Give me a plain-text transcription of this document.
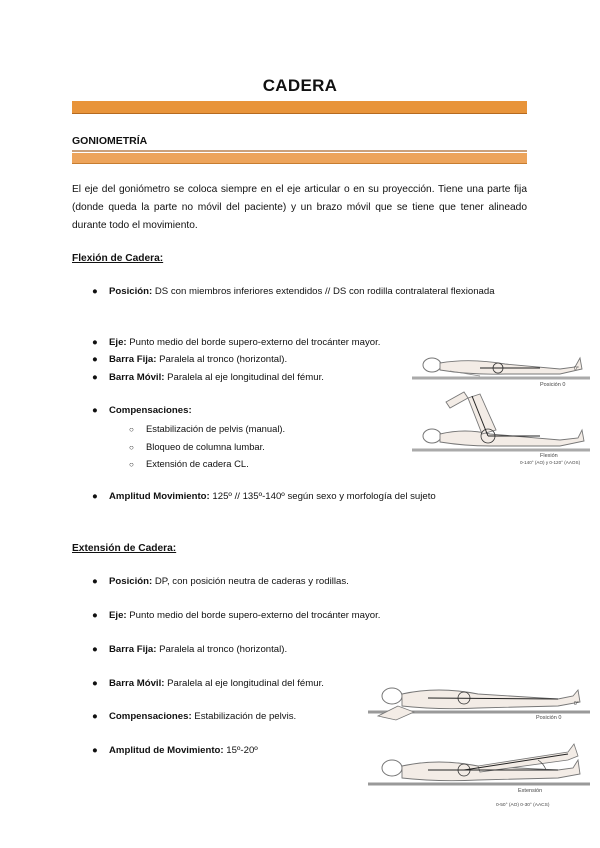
CADERA
GONIOMETRÍA
El eje del goniómetro se coloca siempre en el eje articular o en su proyección. Tiene una parte fija (donde queda la parte no móvil del paciente) y un brazo móvil que se tiene que tener alineado durante todo el movimiento.
Flexión de Cadera:
● Posición: DS con miembros inferiores extendidos // DS con rodilla contralateral flexionada
● Eje: Punto medio del borde supero-externo del trocánter mayor.
● Barra Fija: Paralela al tronco (horizontal).
● Barra Móvil: Paralela al eje longitudinal del fémur.
● Compensaciones:
○ Estabilización de pelvis (manual).
○ Bloqueo de columna lumbar.
○ Extensión de cadera CL.
● Amplitud Movimiento: 125º // 135º-140º según sexo y morfología del sujeto
0°
Posición 0
Flexión
0-140° (AO) y 0-120° (AAOS)
Extensión de Cadera:
● Posición: DP, con posición neutra de caderas y rodillas.
● Eje: Punto medio del borde supero-externo del trocánter mayor.
● Barra Fija: Paralela al tronco (horizontal).
● Barra Móvil: Paralela al eje longitudinal del fémur.
● Compensaciones: Estabilización de pelvis.
● Amplitud de Movimiento: 15º-20º
0°
Posición 0
Extensión
0-50° (AO) 0-30° (AACS)
